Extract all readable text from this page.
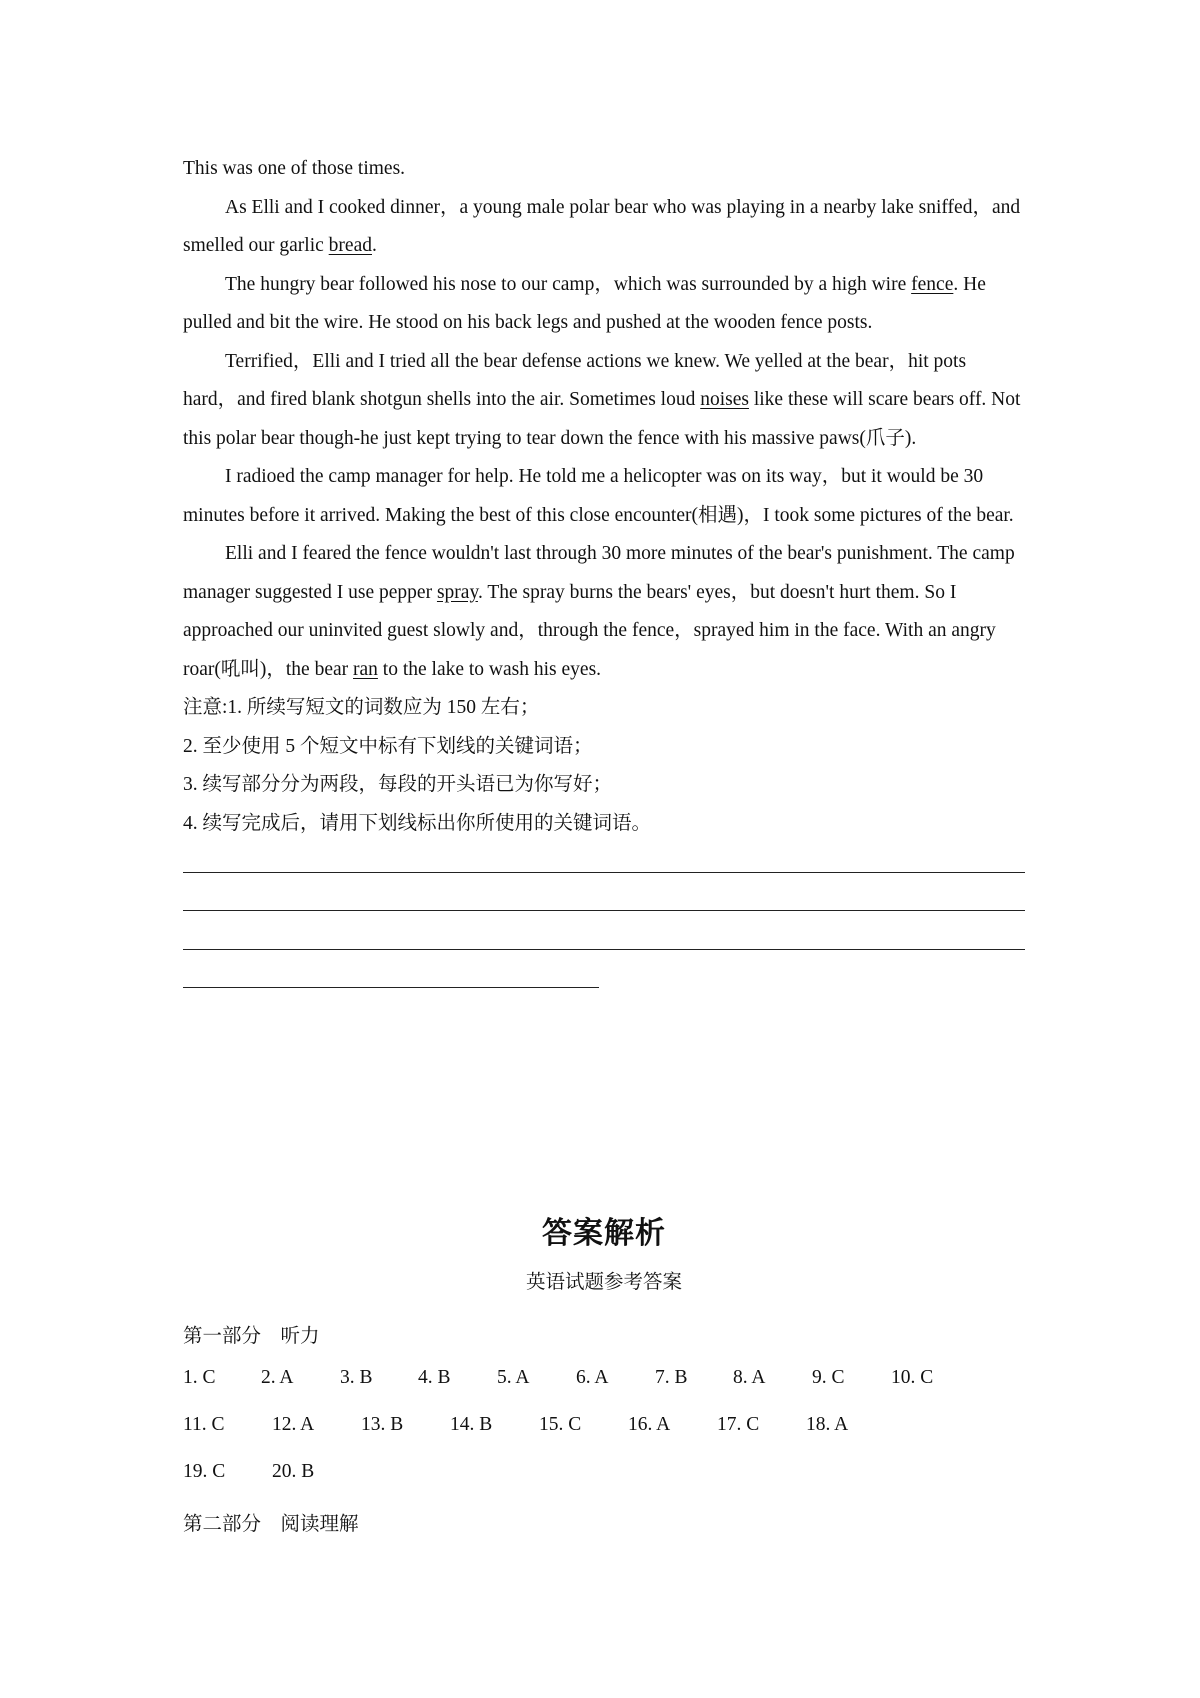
This was one of those times.

As Elli and I cooked dinner，a young male polar bear who was playing in a nearby lake sniffed，and smelled our garlic bread.

The hungry bear followed his nose to our camp，which was surrounded by a high wire fence. He pulled and bit the wire. He stood on his back legs and pushed at the wooden fence posts.

Terrified，Elli and I tried all the bear defense actions we knew. We yelled at the bear，hit pots hard，and fired blank shotgun shells into the air. Sometimes loud noises like these will scare bears off. Not this polar bear though-he just kept trying to tear down the fence with his massive paws(爪子).

I radioed the camp manager for help. He told me a helicopter was on its way，but it would be 30 minutes before it arrived. Making the best of this close encounter(相遇)，I took some pictures of the bear.

Elli and I feared the fence wouldn't last through 30 more minutes of the bear's punishment. The camp manager suggested I use pepper spray. The spray burns the bears' eyes，but doesn't hurt them. So I approached our uninvited guest slowly and，through the fence，sprayed him in the face. With an angry roar(吼叫)，the bear ran to the lake to wash his eyes.

注意:1. 所续写短文的词数应为 150 左右；

2. 至少使用 5 个短文中标有下划线的关键词语；

3. 续写部分分为两段，每段的开头语已为你写好；

4. 续写完成后，请用下划线标出你所使用的关键词语。

答案解析
英语试题参考答案
第一部分　听力
1. C 2. A 3. B 4. B 5. A 6. A 7. B 8. A 9. C 10. C
11. C 12. A 13. B 14. B 15. C 16. A 17. C 18. A
19. C 20. B
第二部分　阅读理解
